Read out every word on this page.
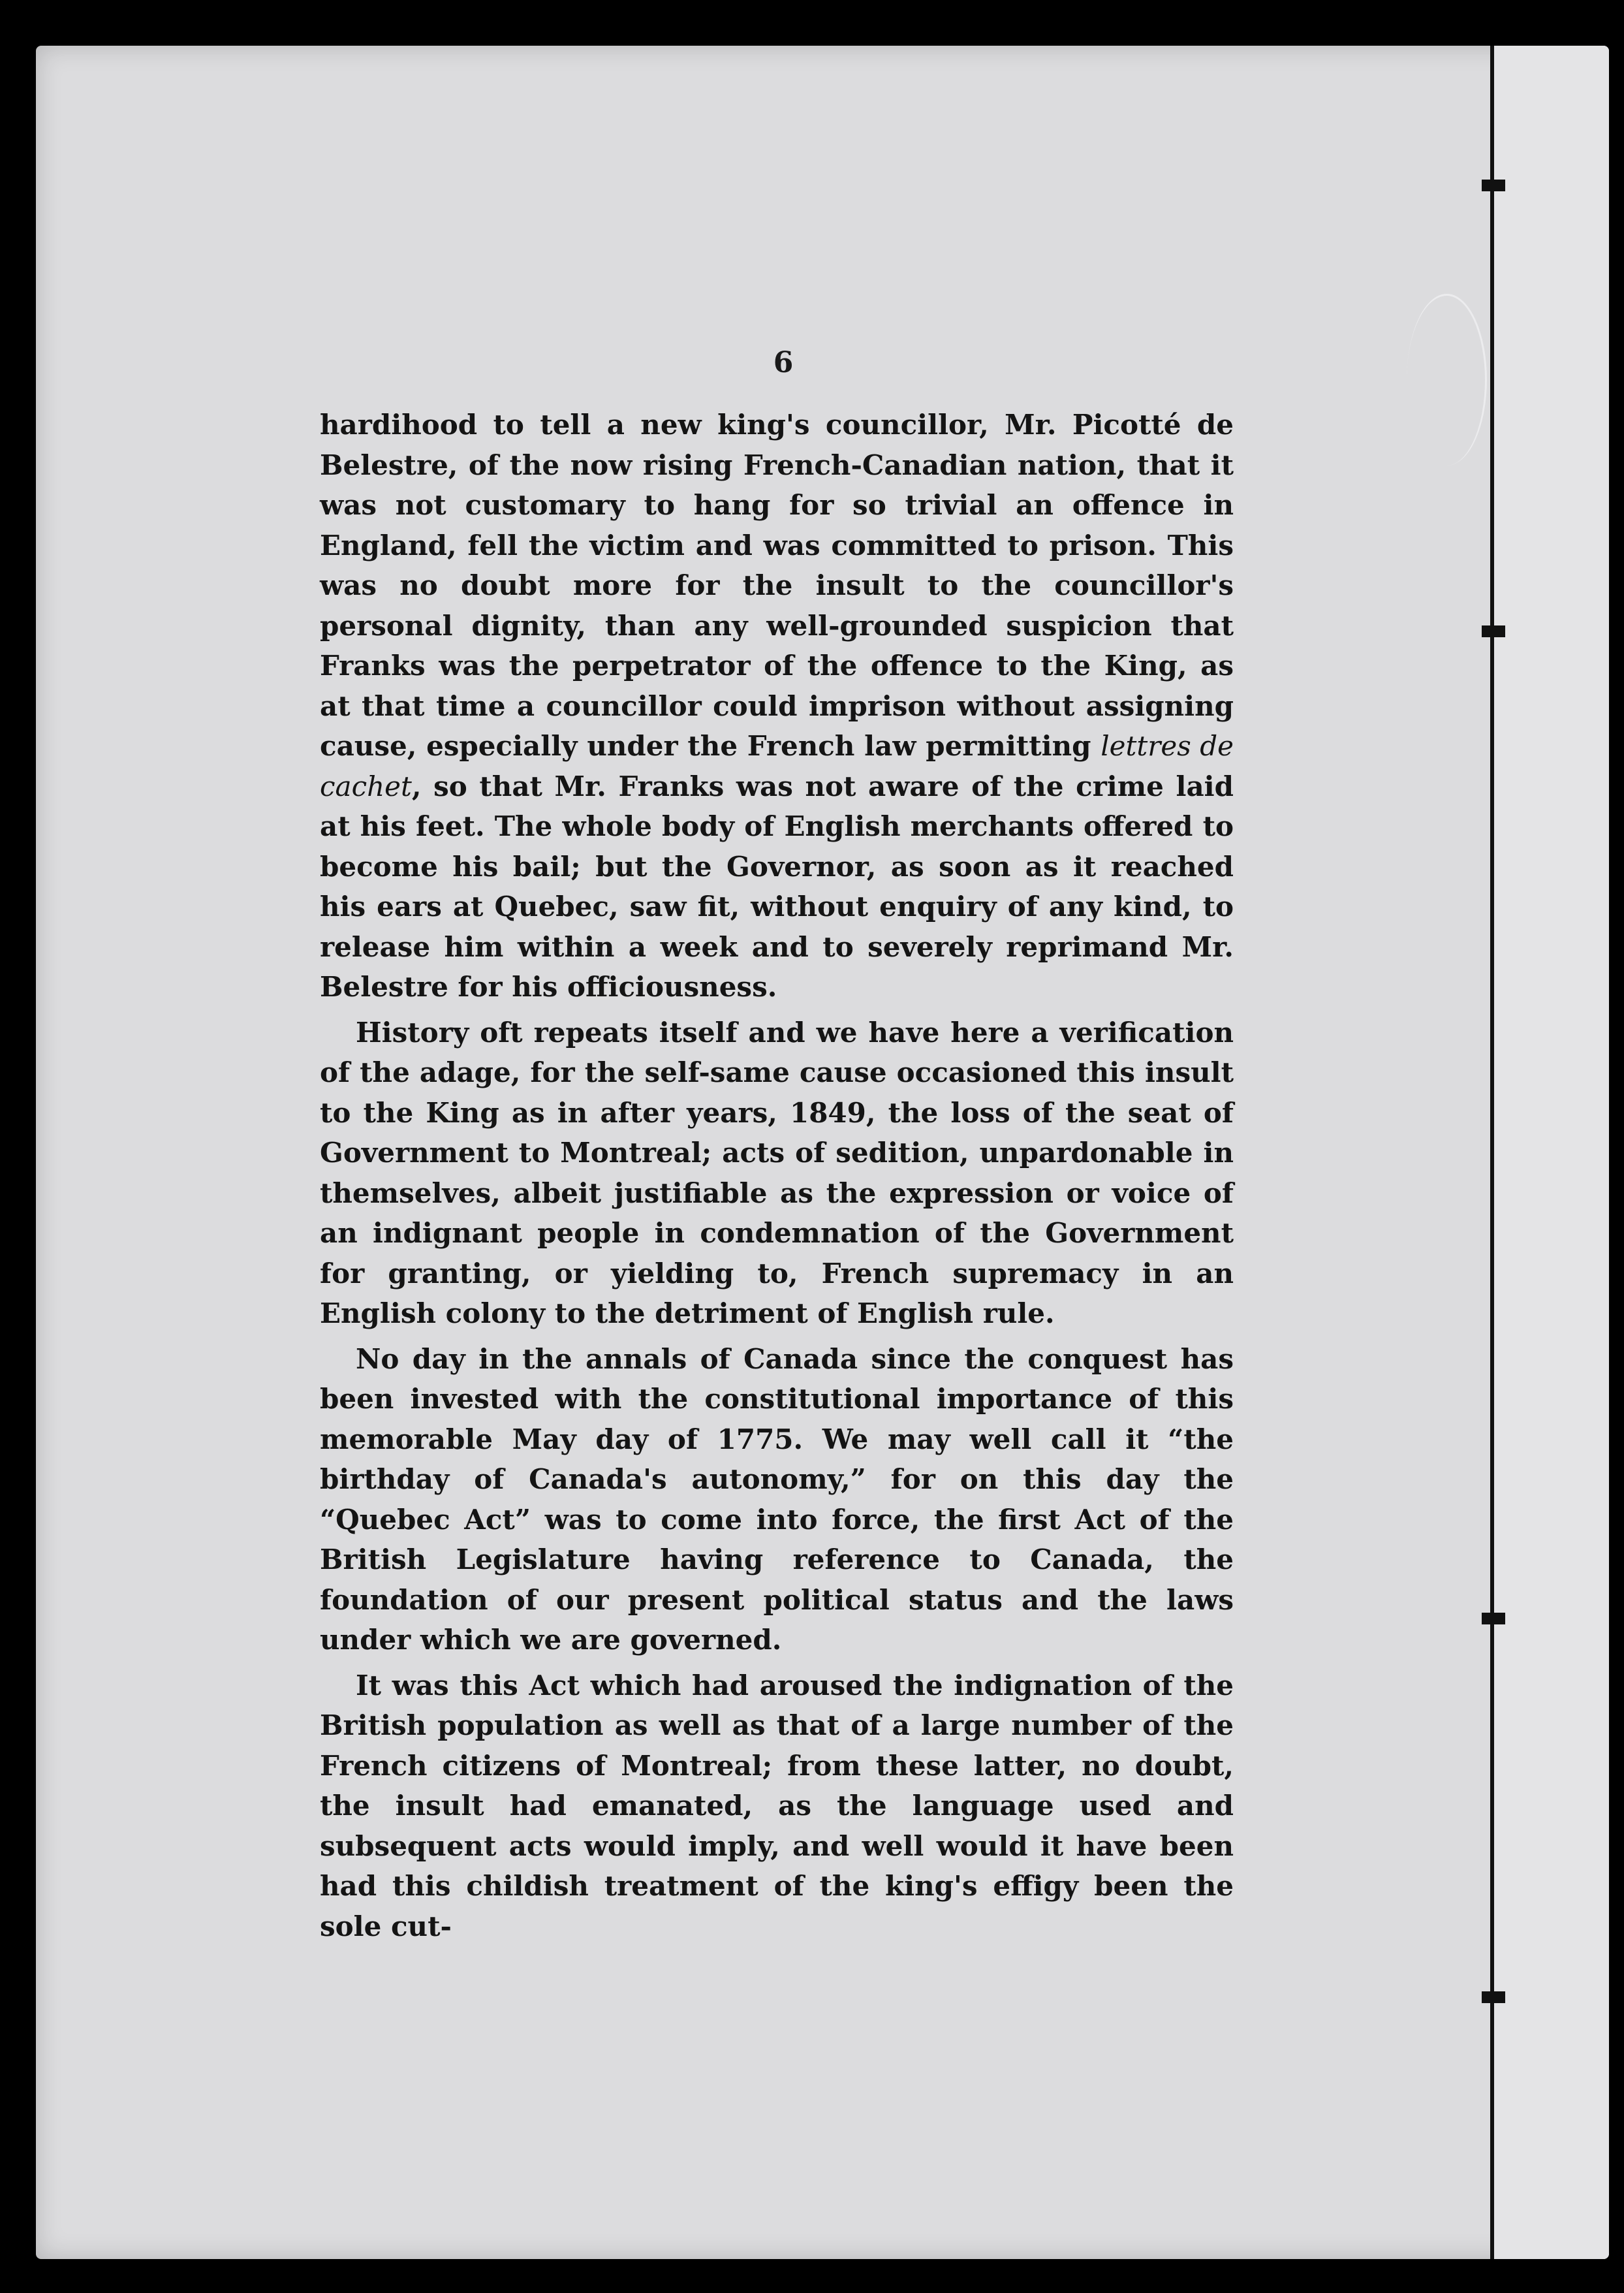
6

hardihood to tell a new king's councillor, Mr. Picotté de Belestre, of the now rising French-Canadian nation, that it was not customary to hang for so trivial an offence in England, fell the victim and was committed to prison. This was no doubt more for the insult to the councillor's personal dignity, than any well-grounded suspicion that Franks was the perpetrator of the offence to the King, as at that time a councillor could imprison without assigning cause, especially under the French law permitting lettres de cachet, so that Mr. Franks was not aware of the crime laid at his feet. The whole body of English merchants offered to become his bail; but the Governor, as soon as it reached his ears at Quebec, saw fit, without enquiry of any kind, to release him within a week and to severely reprimand Mr. Belestre for his officiousness.

History oft repeats itself and we have here a verification of the adage, for the self-same cause occasioned this insult to the King as in after years, 1849, the loss of the seat of Government to Montreal; acts of sedition, unpardonable in themselves, albeit justifiable as the expression or voice of an indignant people in condemnation of the Government for granting, or yielding to, French supremacy in an English colony to the detriment of English rule.

No day in the annals of Canada since the conquest has been invested with the constitutional importance of this memorable May day of 1775. We may well call it “the birthday of Canada's autonomy,” for on this day the “Quebec Act” was to come into force, the first Act of the British Legislature having reference to Canada, the foundation of our present political status and the laws under which we are governed.

It was this Act which had aroused the indignation of the British population as well as that of a large number of the French citizens of Montreal; from these latter, no doubt, the insult had emanated, as the language used and subsequent acts would imply, and well would it have been had this childish treatment of the king's effigy been the sole cut-
